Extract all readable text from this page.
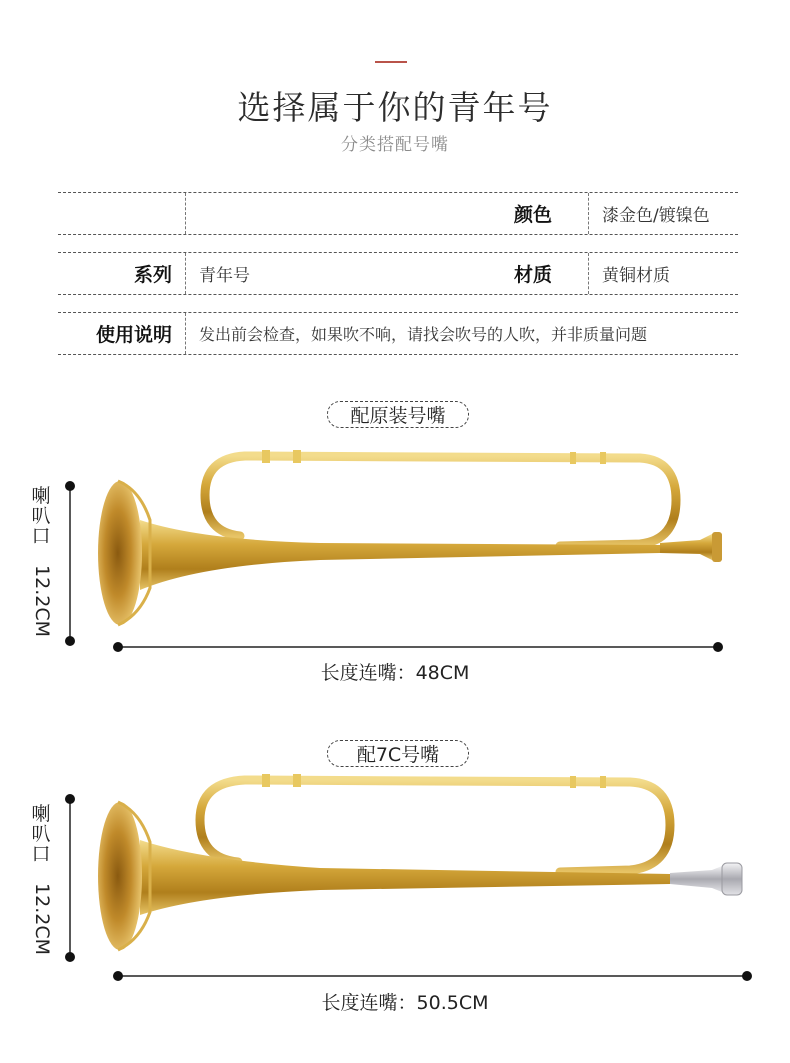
选择属于你的青年号
分类搭配号嘴
颜色	漆金色/镀镍色
系列 青年号	材质	黄铜材质
使用说明 发出前会检查，如果吹不响，请找会吹号的人吹，并非质量问题
配原装号嘴
喇
叭
口
12.2CM
长度连嘴：48CM
配7C号嘴
喇
叭
口
12.2CM
长度连嘴：50.5CM
